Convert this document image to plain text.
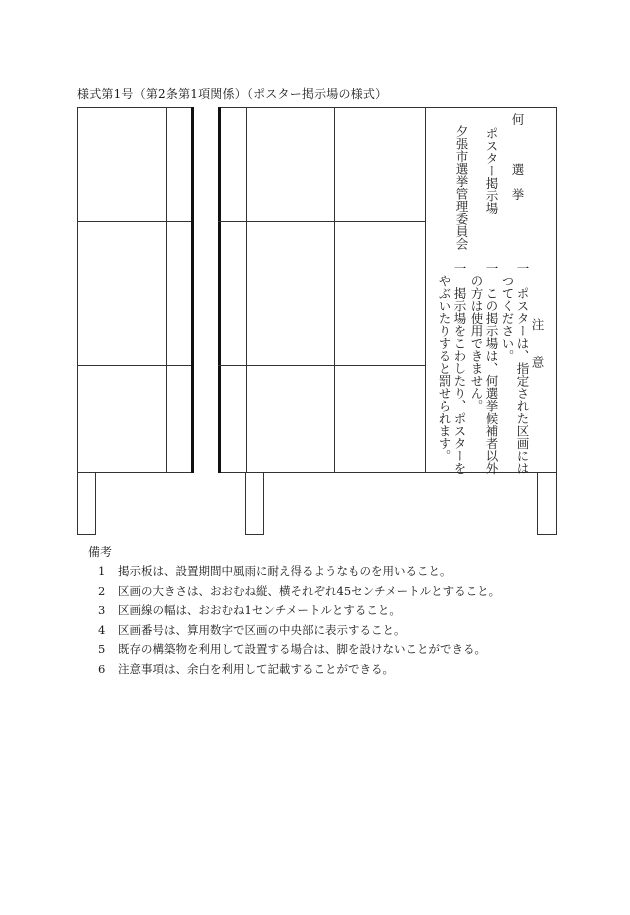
様式第1号（第2条第1項関係）（ポスター掲示場の様式）
何　　　選　挙
注　　意
一　ポスターは、指定された区画には
　つてください。
一　この掲示場は、何選挙候補者以外
　の方は使用できません。
一　掲示場をこわしたり、ポスターを
　やぶいたりすると罰せられます。
ポスター掲示場
夕張市選挙管理委員会
備考
1 掲示板は、設置期間中風雨に耐え得るようなものを用いること。
2 区画の大きさは、おおむね縦、横それぞれ45センチメートルとすること。
3 区画線の幅は、おおむね1センチメートルとすること。
4 区画番号は、算用数字で区画の中央部に表示すること。
5 既存の構築物を利用して設置する場合は、脚を設けないことができる。
6 注意事項は、余白を利用して記載することができる。
